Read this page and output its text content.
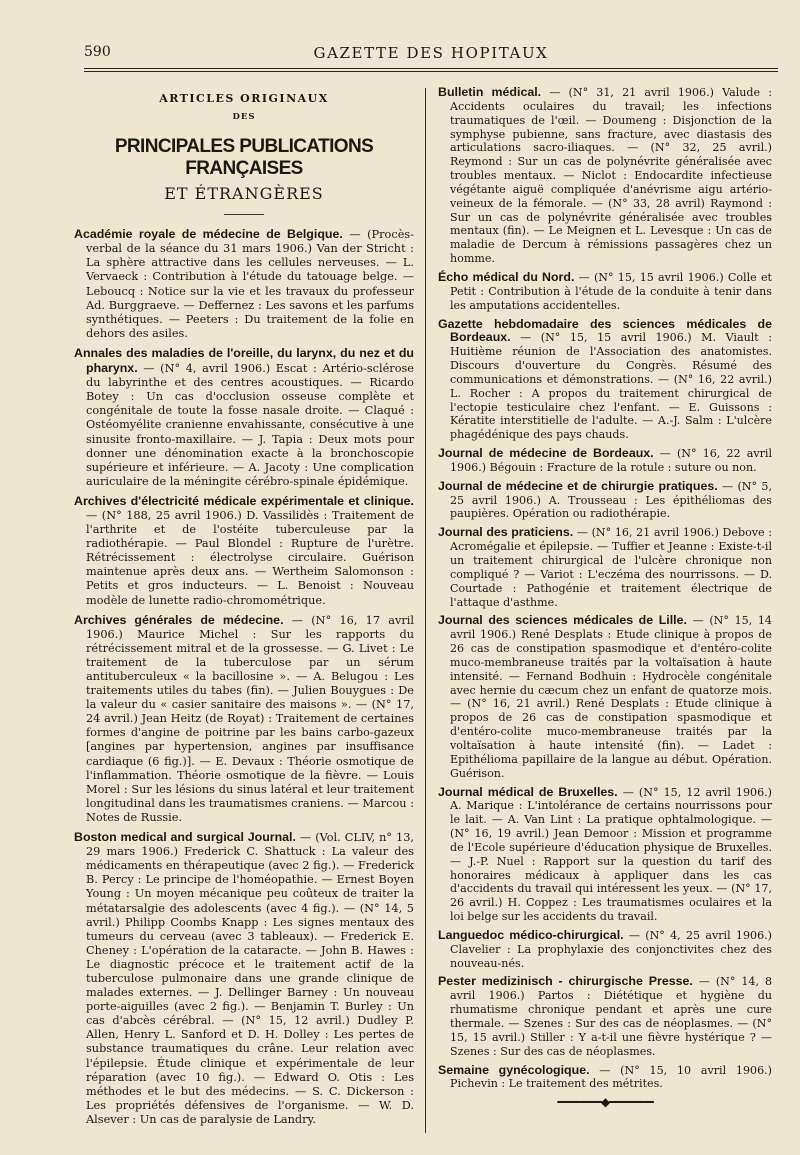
590	GAZETTE DES HOPITAUX
ARTICLES ORIGINAUX
DES
PRINCIPALES PUBLICATIONS FRANÇAISES
ET ÉTRANGÈRES

Académie royale de médecine de Belgique. — (Procès-verbal de la séance du 31 mars 1906.) Van der Stricht : La sphère attractive dans les cellules nerveuses. — L. Vervaeck : Contribution à l'étude du tatouage belge. — Leboucq : Notice sur la vie et les travaux du professeur Ad. Burggraeve. — Deffernez : Les savons et les parfums synthétiques. — Peeters : Du traitement de la folie en dehors des asiles.

Annales des maladies de l'oreille, du larynx, du nez et du pharynx. — (N° 4, avril 1906.) Escat : Artério-sclérose du labyrinthe et des centres acoustiques. — Ricardo Botey : Un cas d'occlusion osseuse complète et congénitale de toute la fosse nasale droite. — Claqué : Ostéomyélite cranienne envahissante, consécutive à une sinusite fronto-maxillaire. — J. Tapia : Deux mots pour donner une dénomination exacte à la bronchoscopie supérieure et inférieure. — A. Jacoty : Une complication auriculaire de la méningite cérébro-spinale épidémique.

Archives d'électricité médicale expérimentale et clinique. — (N° 188, 25 avril 1906.) D. Vassilidès : Traitement de l'arthrite et de l'ostéite tuberculeuse par la radiothérapie. — Paul Blondel : Rupture de l'urètre. Rétrécissement : électrolyse circulaire. Guérison maintenue après deux ans. — Wertheim Salomonson : Petits et gros inducteurs. — L. Benoist : Nouveau modèle de lunette radio-chromométrique.

Archives générales de médecine. — (N° 16, 17 avril 1906.) Maurice Michel : Sur les rapports du rétrécissement mitral et de la grossesse. — G. Livet : Le traitement de la tuberculose par un sérum antituberculeux « la bacillosine ». — A. Belugou : Les traitements utiles du tabes (fin). — Julien Bouygues : De la valeur du « casier sanitaire des maisons ». — (N° 17, 24 avril.) Jean Heitz (de Royat) : Traitement de certaines formes d'angine de poitrine par les bains carbo-gazeux [angines par hypertension, angines par insuffisance cardiaque (6 fig.)]. — E. Devaux : Théorie osmotique de l'inflammation. Théorie osmotique de la fièvre. — Louis Morel : Sur les lésions du sinus latéral et leur traitement longitudinal dans les traumatismes craniens. — Marcou : Notes de Russie.

Boston medical and surgical Journal. — (Vol. CLIV, n° 13, 29 mars 1906.) Frederick C. Shattuck : La valeur des médicaments en thérapeutique (avec 2 fig.). — Frederick B. Percy : Le principe de l'homéopathie. — Ernest Boyen Young : Un moyen mécanique peu coûteux de traiter la métatarsalgie des adolescents (avec 4 fig.). — (N° 14, 5 avril.) Philipp Coombs Knapp : Les signes mentaux des tumeurs du cerveau (avec 3 tableaux). — Frederick E. Cheney : L'opération de la cataracte. — John B. Hawes : Le diagnostic précoce et le traitement actif de la tuberculose pulmonaire dans une grande clinique de malades externes. — J. Dellinger Barney : Un nouveau porte-aiguilles (avec 2 fig.). — Benjamin T. Burley : Un cas d'abcès cérébral. — (N° 15, 12 avril.) Dudley P. Allen, Henry L. Sanford et D. H. Dolley : Les pertes de substance traumatiques du crâne. Leur relation avec l'épilepsie. Étude clinique et expérimentale de leur réparation (avec 10 fig.). — Edward O. Otis : Les méthodes et le but des médecins. — S. C. Dickerson : Les propriétés défensives de l'organisme. — W. D. Alsever : Un cas de paralysie de Landry.

Bulletin médical. — (N° 31, 21 avril 1906.) Valude : Accidents oculaires du travail; les infections traumatiques de l'œil. — Doumeng : Disjonction de la symphyse pubienne, sans fracture, avec diastasis des articulations sacro-iliaques. — (N° 32, 25 avril.) Reymond : Sur un cas de polynévrite généralisée avec troubles mentaux. — Niclot : Endocardite infectieuse végétante aiguë compliquée d'anévrisme aigu artério-veineux de la fémorale. — (N° 33, 28 avril) Raymond : Sur un cas de polynévrite généralisée avec troubles mentaux (fin). — Le Meignen et L. Levesque : Un cas de maladie de Dercum à rémissions passagères chez un homme.

Écho médical du Nord. — (N° 15, 15 avril 1906.) Colle et Petit : Contribution à l'étude de la conduite à tenir dans les amputations accidentelles.

Gazette hebdomadaire des sciences médicales de Bordeaux. — (N° 15, 15 avril 1906.) M. Viault : Huitième réunion de l'Association des anatomistes. Discours d'ouverture du Congrès. Résumé des communications et démonstrations. — (N° 16, 22 avril.) L. Rocher : A propos du traitement chirurgical de l'ectopie testiculaire chez l'enfant. — E. Guissons : Kératite interstitielle de l'adulte. — A.-J. Salm : L'ulcère phagédénique des pays chauds.

Journal de médecine de Bordeaux. — (N° 16, 22 avril 1906.) Bégouin : Fracture de la rotule : suture ou non.

Journal de médecine et de chirurgie pratiques. — (N° 5, 25 avril 1906.) A. Trousseau : Les épithéliomas des paupières. Opération ou radiothérapie.

Journal des praticiens. — (N° 16, 21 avril 1906.) Debove : Acromégalie et épilepsie. — Tuffier et Jeanne : Existe-t-il un traitement chirurgical de l'ulcère chronique non compliqué ? — Variot : L'eczéma des nourrissons. — D. Courtade : Pathogénie et traitement électrique de l'attaque d'asthme.

Journal des sciences médicales de Lille. — (N° 15, 14 avril 1906.) René Desplats : Etude clinique à propos de 26 cas de constipation spasmodique et d'entéro-colite muco-membraneuse traités par la voltaïsation à haute intensité. — Fernand Bodhuin : Hydrocèle congénitale avec hernie du cæcum chez un enfant de quatorze mois. — (N° 16, 21 avril.) René Desplats : Etude clinique à propos de 26 cas de constipation spasmodique et d'entéro-colite muco-membraneuse traités par la voltaïsation à haute intensité (fin). — Ladet : Epithélioma papillaire de la langue au début. Opération. Guérison.

Journal médical de Bruxelles. — (N° 15, 12 avril 1906.) A. Marique : L'intolérance de certains nourrissons pour le lait. — A. Van Lint : La pratique ophtalmologique. — (N° 16, 19 avril.) Jean Demoor : Mission et programme de l'Ecole supérieure d'éducation physique de Bruxelles. — J.-P. Nuel : Rapport sur la question du tarif des honoraires médicaux à appliquer dans les cas d'accidents du travail qui intéressent les yeux. — (N° 17, 26 avril.) H. Coppez : Les traumatismes oculaires et la loi belge sur les accidents du travail.

Languedoc médico-chirurgical. — (N° 4, 25 avril 1906.) Clavelier : La prophylaxie des conjonctivites chez des nouveau-nés.

Pester medizinisch - chirurgische Presse. — (N° 14, 8 avril 1906.) Partos : Diététique et hygiène du rhumatisme chronique pendant et après une cure thermale. — Szenes : Sur des cas de néoplasmes. — (N° 15, 15 avril.) Stiller : Y a-t-il une fièvre hystérique ? — Szenes : Sur des cas de néoplasmes.

Semaine gynécologique. — (N° 15, 10 avril 1906.) Pichevin : Le traitement des métrites.

━━━━━━━◆━━━━━━━
